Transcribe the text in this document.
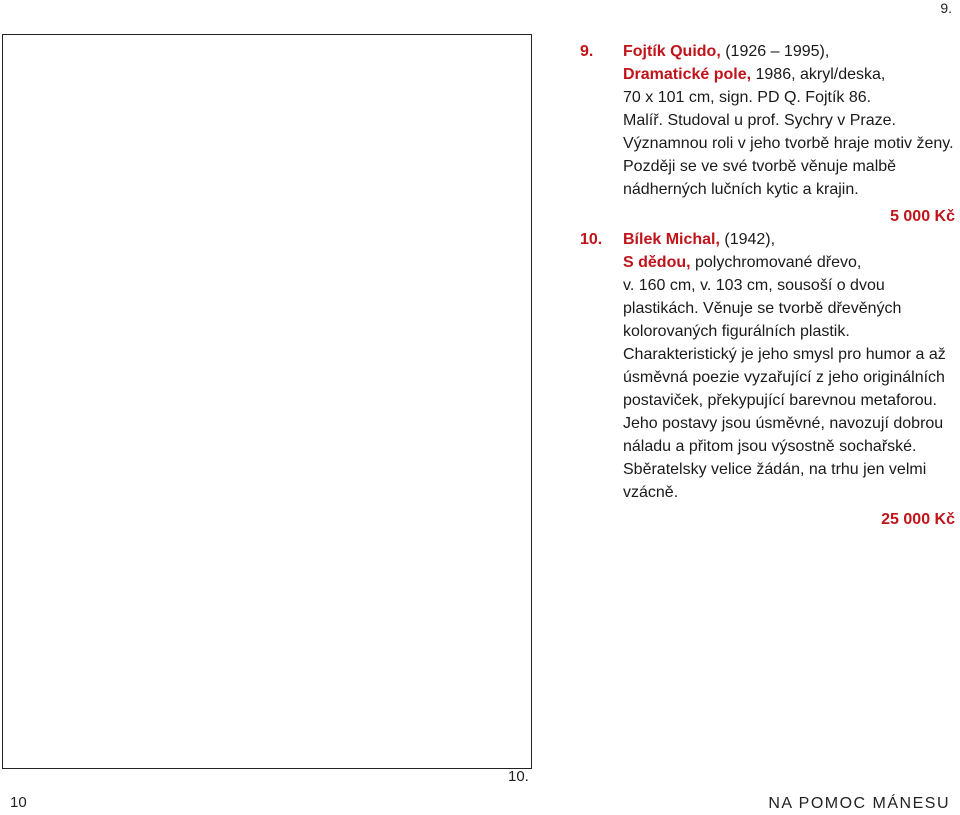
9.
10.
9. Fojtík Quido, (1926 – 1995),
Dramatické pole, 1986, akryl/deska,
70 x 101 cm, sign. PD Q. Fojtík 86.
Malíř. Studoval u prof. Sychry v Praze.
Významnou roli v jeho tvorbě hraje motiv ženy.
Později se ve své tvorbě věnuje malbě
nádherných lučních kytic a krajin.
5 000 Kč
10. Bílek Michal, (1942),
S dědou, polychromované dřevo,
v. 160 cm, v. 103 cm, sousoší o dvou
plastikách. Věnuje se tvorbě dřevěných
kolorovaných figurálních plastik.
Charakteristický je jeho smysl pro humor a až
úsměvná poezie vyzařující z jeho originálních
postaviček, překypující barevnou metaforou.
Jeho postavy jsou úsměvné, navozují dobrou
náladu a přitom jsou výsostně sochařské.
Sběratelsky velice žádán, na trhu jen velmi
vzácně.
25 000 Kč
10	NA POMOC MÁNESU
